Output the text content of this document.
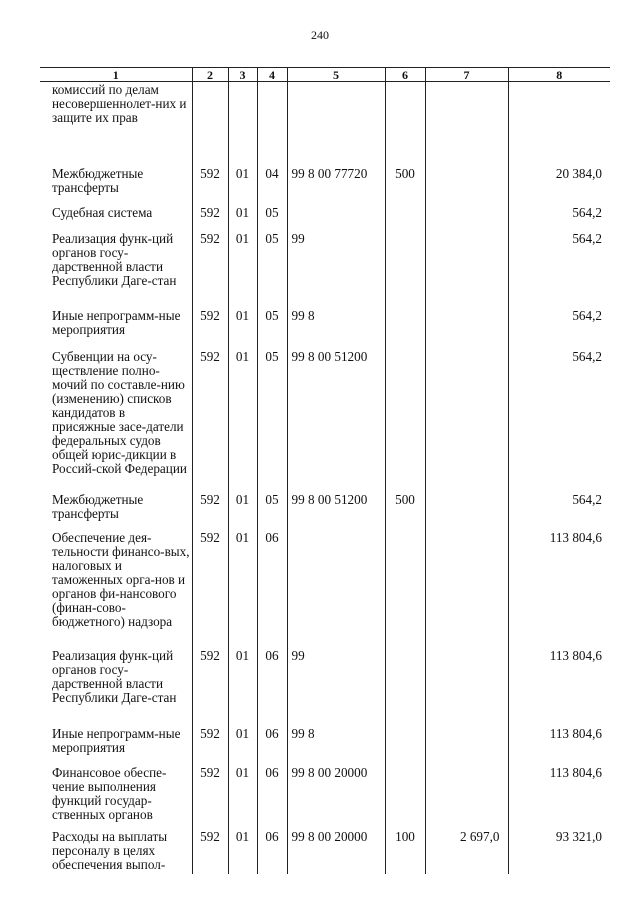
240
1	2	3	4	5	6	7	8
комиссий по делам несовершеннолет-них и защите их прав							
Межбюджетные трансферты	592	01	04	99 8 00 77720	500		20 384,0
Судебная система	592	01	05				564,2
Реализация функ-ций органов госу-дарственной власти Республики Даге-стан	592	01	05	99			564,2
Иные непрограмм-ные мероприятия	592	01	05	99 8			564,2
Субвенции на осу-ществление полно-мочий по составле-нию (изменению) списков кандидатов в присяжные засе-датели федеральных судов общей юрис-дикции в Россий-ской Федерации	592	01	05	99 8 00 51200			564,2
Межбюджетные трансферты	592	01	05	99 8 00 51200	500		564,2
Обеспечение дея-тельности финансо-вых, налоговых и таможенных орга-нов и органов фи-нансового (финан-сово-бюджетного) надзора	592	01	06				113 804,6
Реализация функ-ций органов госу-дарственной власти Республики Даге-стан	592	01	06	99			113 804,6
Иные непрограмм-ные мероприятия	592	01	06	99 8			113 804,6
Финансовое обеспе-чение выполнения функций государ-ственных органов	592	01	06	99 8 00 20000			113 804,6
Расходы на выплаты персоналу в целях обеспечения выпол-	592	01	06	99 8 00 20000	100	2 697,0	93 321,0
